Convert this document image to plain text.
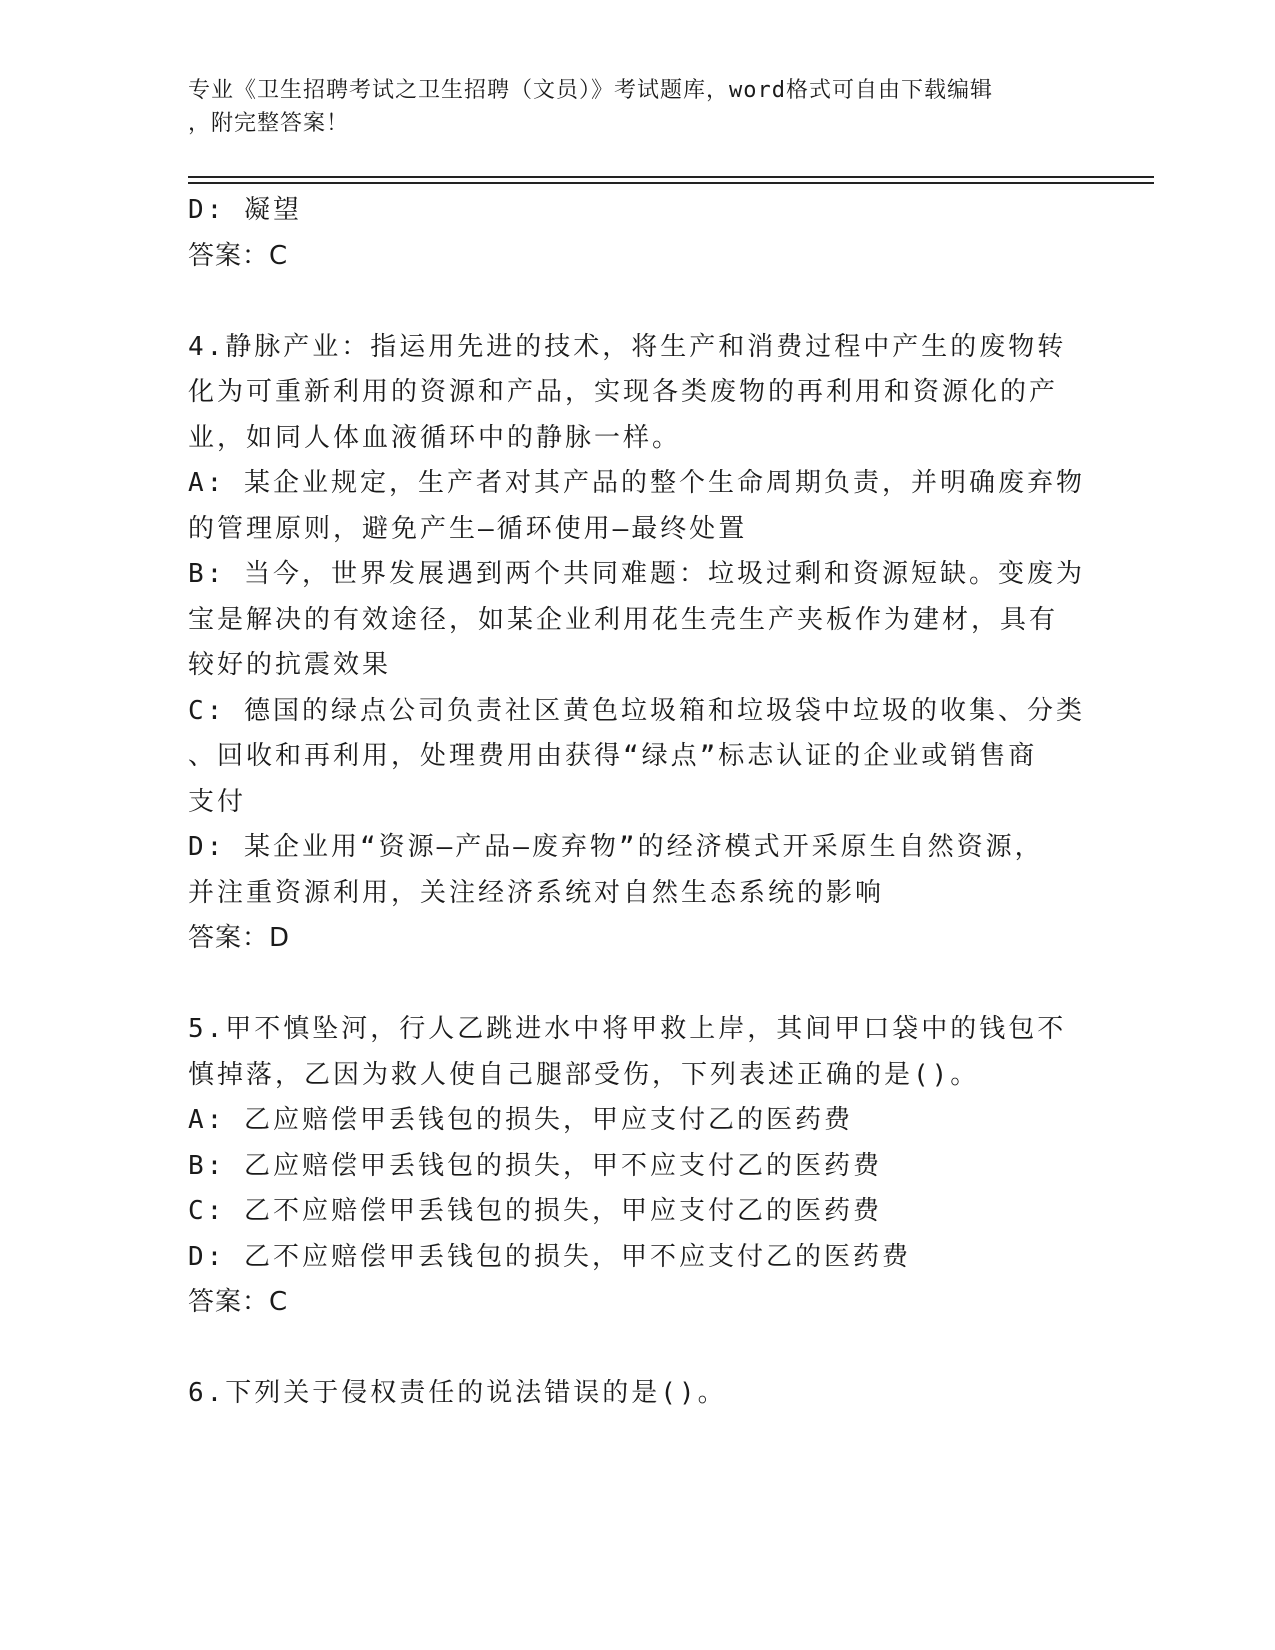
专业《卫生招聘考试之卫生招聘（文员）》考试题库，word格式可自由下载编辑
，附完整答案！
D: 凝望
答案：C
4.静脉产业：指运用先进的技术，将生产和消费过程中产生的废物转
化为可重新利用的资源和产品，实现各类废物的再利用和资源化的产
业，如同人体血液循环中的静脉一样。
A: 某企业规定，生产者对其产品的整个生命周期负责，并明确废弃物
的管理原则，避免产生—循环使用—最终处置
B: 当今，世界发展遇到两个共同难题：垃圾过剩和资源短缺。变废为
宝是解决的有效途径，如某企业利用花生壳生产夹板作为建材，具有
较好的抗震效果
C: 德国的绿点公司负责社区黄色垃圾箱和垃圾袋中垃圾的收集、分类
、回收和再利用，处理费用由获得“绿点”标志认证的企业或销售商
支付
D: 某企业用“资源—产品—废弃物”的经济模式开采原生自然资源，
并注重资源利用，关注经济系统对自然生态系统的影响
答案：D
5.甲不慎坠河，行人乙跳进水中将甲救上岸，其间甲口袋中的钱包不
慎掉落，乙因为救人使自己腿部受伤，下列表述正确的是()。
A: 乙应赔偿甲丢钱包的损失，甲应支付乙的医药费
B: 乙应赔偿甲丢钱包的损失，甲不应支付乙的医药费
C: 乙不应赔偿甲丢钱包的损失，甲应支付乙的医药费
D: 乙不应赔偿甲丢钱包的损失，甲不应支付乙的医药费
答案：C
6.下列关于侵权责任的说法错误的是()。
